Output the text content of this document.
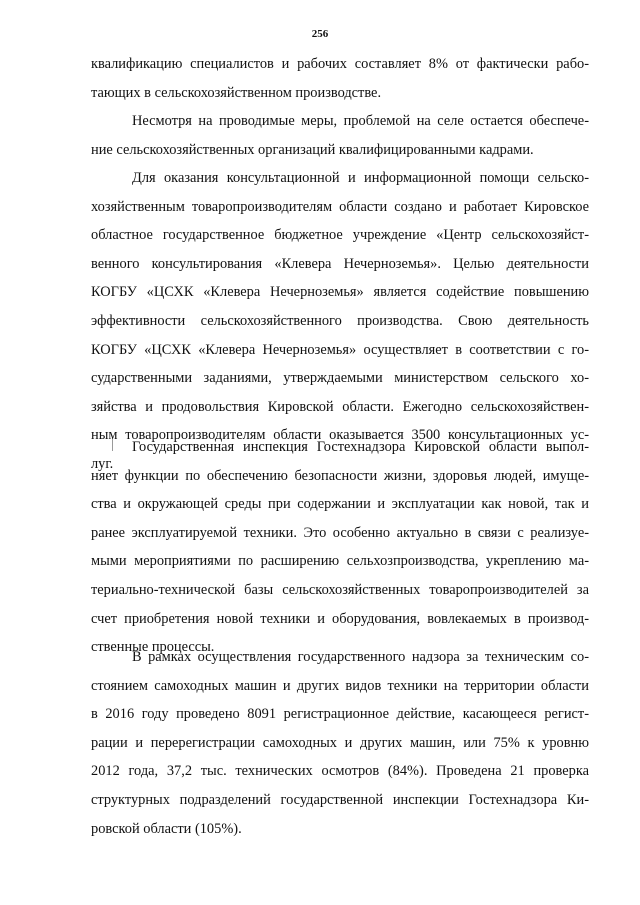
256
квалификацию специалистов и рабочих составляет 8% от фактически рабо-
тающих в сельскохозяйственном производстве.
Несмотря на проводимые меры, проблемой на селе остается обеспече-
ние сельскохозяйственных организаций квалифицированными кадрами.
Для оказания консультационной и информационной помощи сельско-
хозяйственным товаропроизводителям области создано и работает Кировское
областное государственное бюджетное учреждение «Центр сельскохозяйст-
венного консультирования «Клевера Нечерноземья». Целью деятельности
КОГБУ «ЦСХК «Клевера Нечерноземья» является содействие повышению
эффективности сельскохозяйственного производства. Свою деятельность
КОГБУ «ЦСХК «Клевера Нечерноземья» осуществляет в соответствии с го-
сударственными заданиями, утверждаемыми министерством сельского хо-
зяйства и продовольствия Кировской области. Ежегодно сельскохозяйствен-
ным товаропроизводителям области оказывается 3500 консультационных ус-
луг.
Государственная инспекция Гостехнадзора Кировской области выпол-
няет функции по обеспечению безопасности жизни, здоровья людей, имуще-
ства и окружающей среды при содержании и эксплуатации как новой, так и
ранее эксплуатируемой техники. Это особенно актуально в связи с реализуе-
мыми мероприятиями по расширению сельхозпроизводства, укреплению ма-
териально-технической базы сельскохозяйственных товаропроизводителей за
счет приобретения новой техники и оборудования, вовлекаемых в производ-
ственные процессы.
В рамках осуществления государственного надзора за техническим со-
стоянием самоходных машин и других видов техники на территории области
в 2016 году проведено 8091 регистрационное действие, касающееся регист-
рации и перерегистрации самоходных и других машин, или 75% к уровню
2012 года, 37,2 тыс. технических осмотров (84%). Проведена 21 проверка
структурных подразделений государственной инспекции Гостехнадзора Ки-
ровской области (105%).
